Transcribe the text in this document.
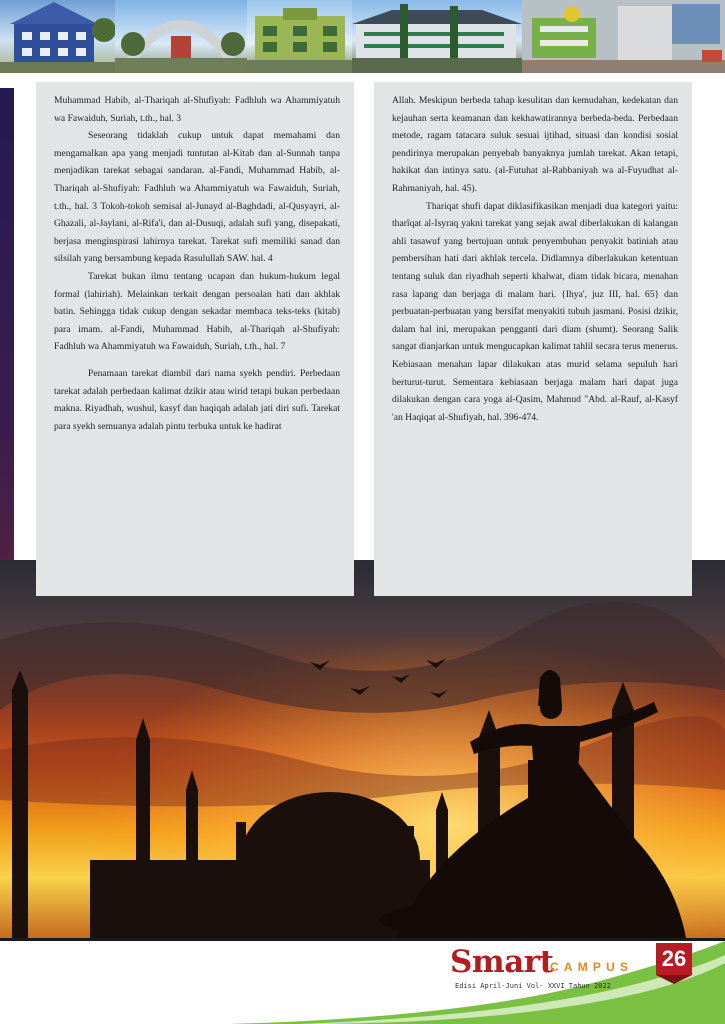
Muhammad Habib, al-Thariqah al-Shufiyah: Fadhluh wa Ahammiyatuh wa Fawaiduh, Suriah, t.th., hal. 3

Seseorang tidaklah cukup untuk dapat memahami dan mengamalkan apa yang menjadi tuntutan al-Kitab dan al-Sunnah tanpa menjadikan tarekat sebagai sandaran. al-Fandi, Muhammad Habib, al-Thariqah al-Shufiyah: Fadhluh wa Ahammiyatuh wa Fawaiduh, Suriah, t.th., hal. 3 Tokoh-tokoh semisal al-Junayd al-Baghdadi, al-Qusyayri, al-Ghazali, al-Jaylani, al-Rifa'i, dan al-Dusuqi, adalah sufi yang, disepakati, berjasa menginspirasi lahirnya tarekat. Tarekat sufi memiliki sanad dan silsilah yang bersambung kepada Rasulullah SAW. hal. 4

Tarekat bukan ilmu tentang ucapan dan hukum-hukum legal formal (lahiriah). Melainkan terkait dengan persoalan hati dan akhlak batin. Sehingga tidak cukup dengan sekadar membaca teks-teks (kitab) para imam. al-Fandi, Muhammad Habib, al-Thariqah al-Shufiyah: Fadhluh wa Ahammiyatuh wa Fawaiduh, Suriah, t.th., hal. 7

Penamaan tarekat diambil dari nama syekh pendiri. Perbedaan tarekat adalah perbedaan kalimat dzikir atau wirid tetapi bukan perbedaan makna. Riyadhah, wushul, kasyf dan haqiqah adalah jati diri sufi. Tarekat para syekh semuanya adalah pintu terbuka untuk ke hadirat

Allah. Meskipun berbeda tahap kesulitan dan kemudahan, kedekatan dan kejauhan serta keamanan dan kekhawatirannya berbeda-beda. Perbedaan metode, ragam tatacara suluk sesuai ijtihad, situasi dan kondisi sosial pendirinya merupakan penyebab banyaknya jumlah tarekat. Akan tetapi, hakikat dan intinya satu. (al-Futuhat al-Rabbaniyah wa al-Fuyudhat al-Rahmaniyah, hal. 45).

Thariqat shufi dapat diklasifikasikan menjadi dua kategori yaitu: tharîqat al-Isyraq yakni tarekat yang sejak awal diberlakukan di kalangan ahli tasawuf yang bertujuan untuk penyembuhan penyakit batiniah atau pembersihan hati dari akhlak tercela. Didlamnya diberlakukan ketentuan tentang suluk dan riyadhah seperti khalwat, diam tidak bicara, menahan rasa lapang dan berjaga di malam hari. {Ihya', juz III, hal. 65} dan perbuatan-perbuatan yang bersifat menyakiti tubuh jasmani. Posisi dzikir, dalam hal ini, merupakan pengganti dari diam (shumt). Seorang Salik sangat dianjarkan untuk mengucapkan kalimat tahlil secara terus menerus. Kebiasaan menahan lapar dilakukan atas murid selama sepuluh hari berturut-turut. Sementara kebiasaan berjaga malam hari dapat juga dilakukan dengan cara yoga al-Qasim, Mahmud "Abd. al-Rauf, al-Kasyf 'an Haqiqat al-Shufiyah, hal. 396-474.

Smart
CAMPUS
Edisi April-Juni Vol- XXVI Tahun 2022
26
